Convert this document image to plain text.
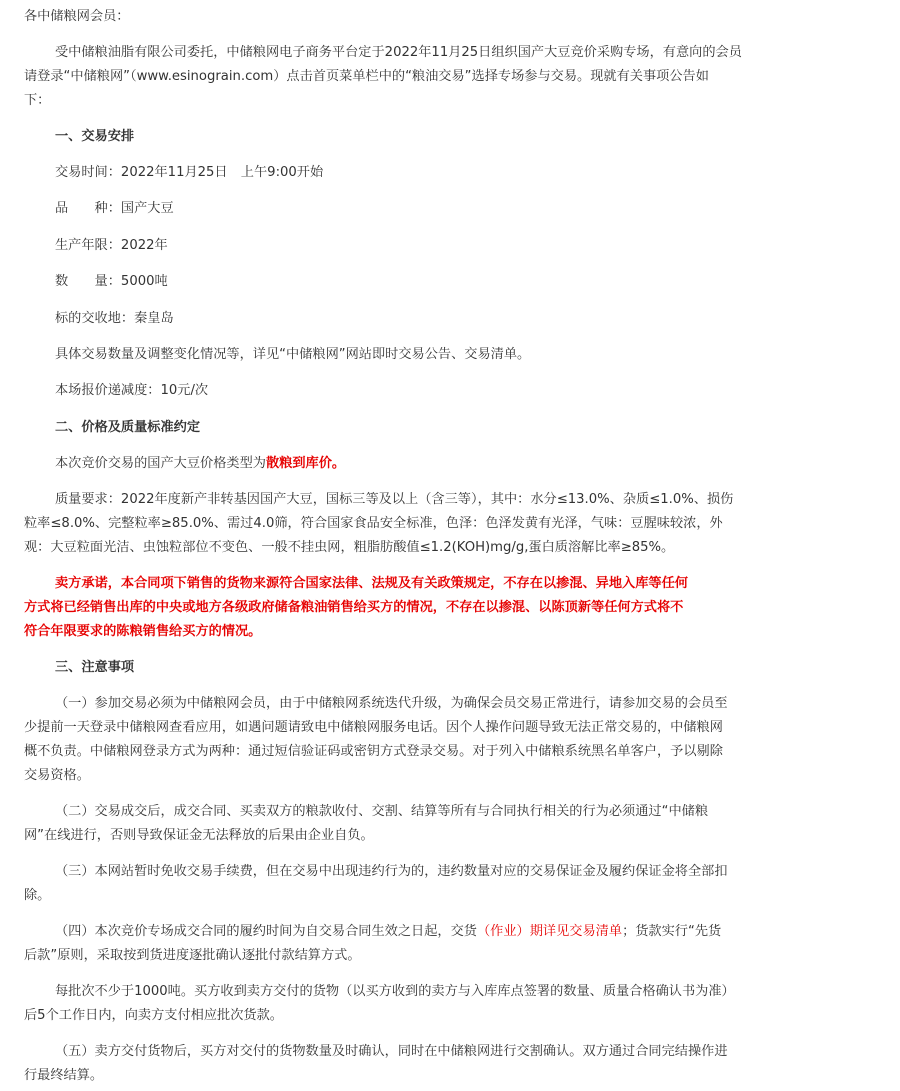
各中储粮网会员：
受中储粮油脂有限公司委托，中储粮网电子商务平台定于2022年11月25日组织国产大豆竞价采购专场，有意向的会员
请登录“中储粮网”（www.esinograin.com）点击首页菜单栏中的“粮油交易”选择专场参与交易。现就有关事项公告如
下：
一、交易安排
交易时间：2022年11月25日　上午9:00开始
品　　种：国产大豆
生产年限：2022年
数　　量：5000吨
标的交收地：秦皇岛
具体交易数量及调整变化情况等，详见“中储粮网”网站即时交易公告、交易清单。
本场报价递减度：10元/次
二、价格及质量标准约定
本次竞价交易的国产大豆价格类型为散粮到库价。
质量要求：2022年度新产非转基因国产大豆，国标三等及以上（含三等），其中：水分≤13.0%、杂质≤1.0%、损伤
粒率≤8.0%、完整粒率≥85.0%、需过4.0筛，符合国家食品安全标准，色泽：色泽发黄有光泽，气味：豆腥味较浓，外
观：大豆粒面光洁、虫蚀粒部位不变色、一般不挂虫网，粗脂肪酸值≤1.2(KOH)mg/g,蛋白质溶解比率≥85%。
卖方承诺，本合同项下销售的货物来源符合国家法律、法规及有关政策规定，不存在以掺混、异地入库等任何
方式将已经销售出库的中央或地方各级政府储备粮油销售给买方的情况，不存在以掺混、以陈顶新等任何方式将不
符合年限要求的陈粮销售给买方的情况。
三、注意事项
（一）参加交易必须为中储粮网会员，由于中储粮网系统迭代升级，为确保会员交易正常进行，请参加交易的会员至
少提前一天登录中储粮网查看应用，如遇问题请致电中储粮网服务电话。因个人操作问题导致无法正常交易的，中储粮网
概不负责。中储粮网登录方式为两种：通过短信验证码或密钥方式登录交易。对于列入中储粮系统黑名单客户，予以剔除
交易资格。
（二）交易成交后，成交合同、买卖双方的粮款收付、交割、结算等所有与合同执行相关的行为必须通过“中储粮
网”在线进行，否则导致保证金无法释放的后果由企业自负。
（三）本网站暂时免收交易手续费，但在交易中出现违约行为的，违约数量对应的交易保证金及履约保证金将全部扣
除。
（四）本次竞价专场成交合同的履约时间为自交易合同生效之日起，交货（作业）期详见交易清单；货款实行“先货
后款”原则，采取按到货进度逐批确认逐批付款结算方式。
每批次不少于1000吨。买方收到卖方交付的货物（以买方收到的卖方与入库库点签署的数量、质量合格确认书为准）
后5个工作日内，向卖方支付相应批次货款。
（五）卖方交付货物后，买方对交付的货物数量及时确认，同时在中储粮网进行交割确认。双方通过合同完结操作进
行最终结算。
